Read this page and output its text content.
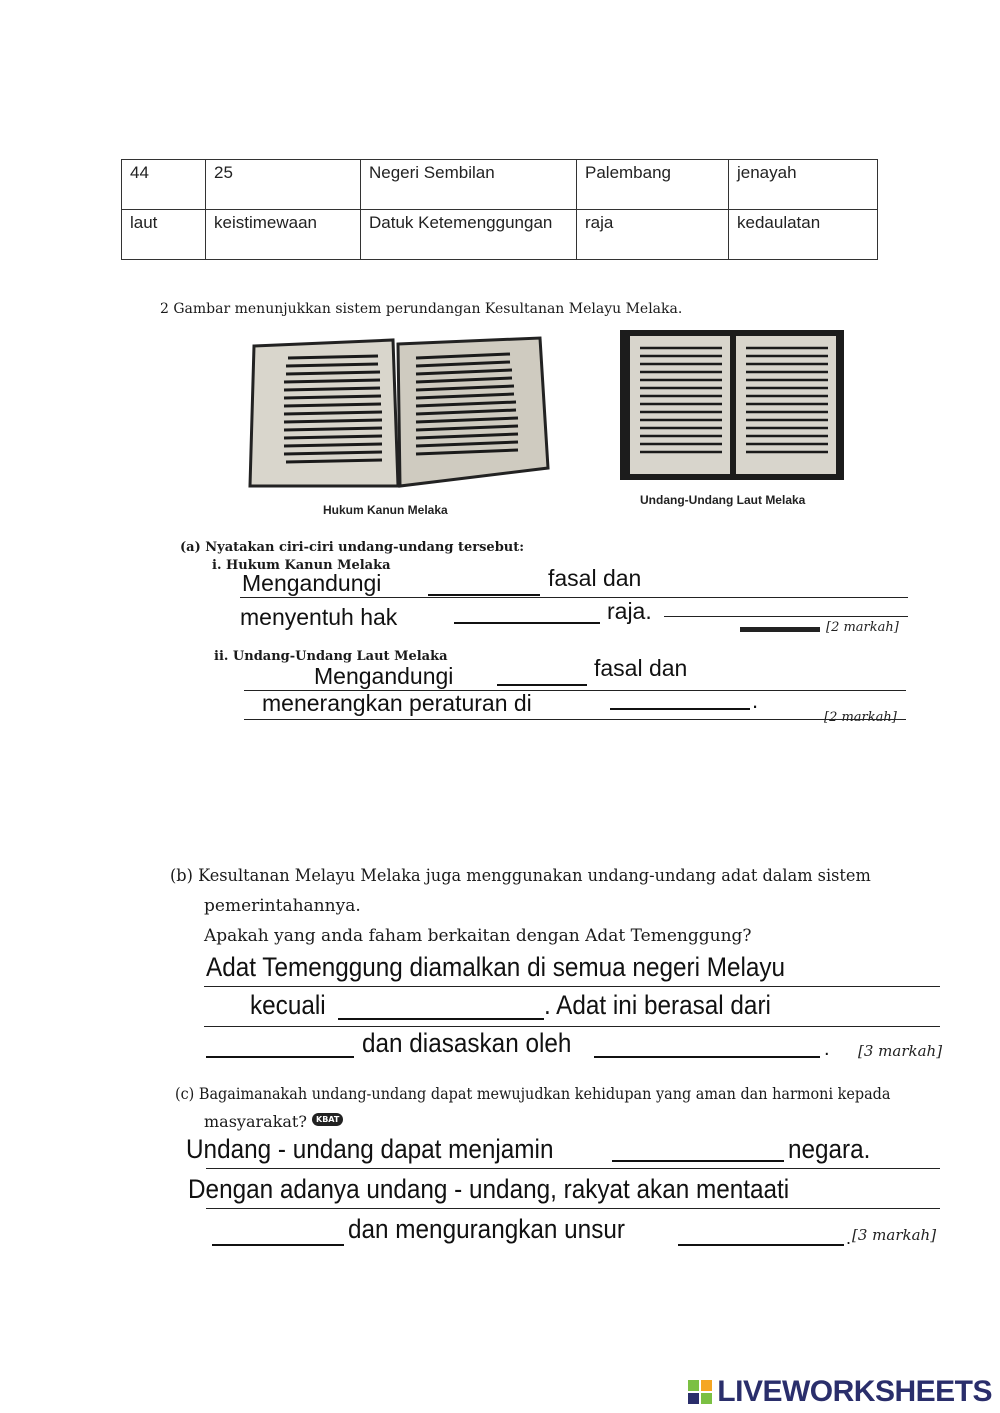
44	25	Negeri Sembilan	Palembang	jenayah
laut	keistimewaan	Datuk Ketemenggungan	raja	kedaulatan
2 Gambar menunjukkan sistem perundangan Kesultanan Melayu Melaka.
Hukum Kanun Melaka
Undang-Undang Laut Melaka
(a) Nyatakan ciri-ciri undang-undang tersebut:
i. Hukum Kanun Melaka
Mengandungi	fasal dan
menyentuh hak	raja.
[2 markah]
ii. Undang-Undang Laut Melaka
Mengandungi	fasal dan
menerangkan peraturan di	.
[2 markah]
(b) Kesultanan Melayu Melaka juga menggunakan undang-undang adat dalam sistem
pemerintahannya.
Apakah yang anda faham berkaitan dengan Adat Temenggung?
Adat Temenggung diamalkan di semua negeri Melayu
kecuali	. Adat ini berasal dari
dan diasaskan oleh	. [3 markah]
(c) Bagaimanakah undang-undang dapat mewujudkan kehidupan yang aman dan harmoni kepada
masyarakat?	KBAT
Undang - undang dapat menjamin	negara.
Dengan adanya undang - undang, rakyat akan mentaati
dan mengurangkan unsur	. [3 markah]
LIVEWORKSHEETS
